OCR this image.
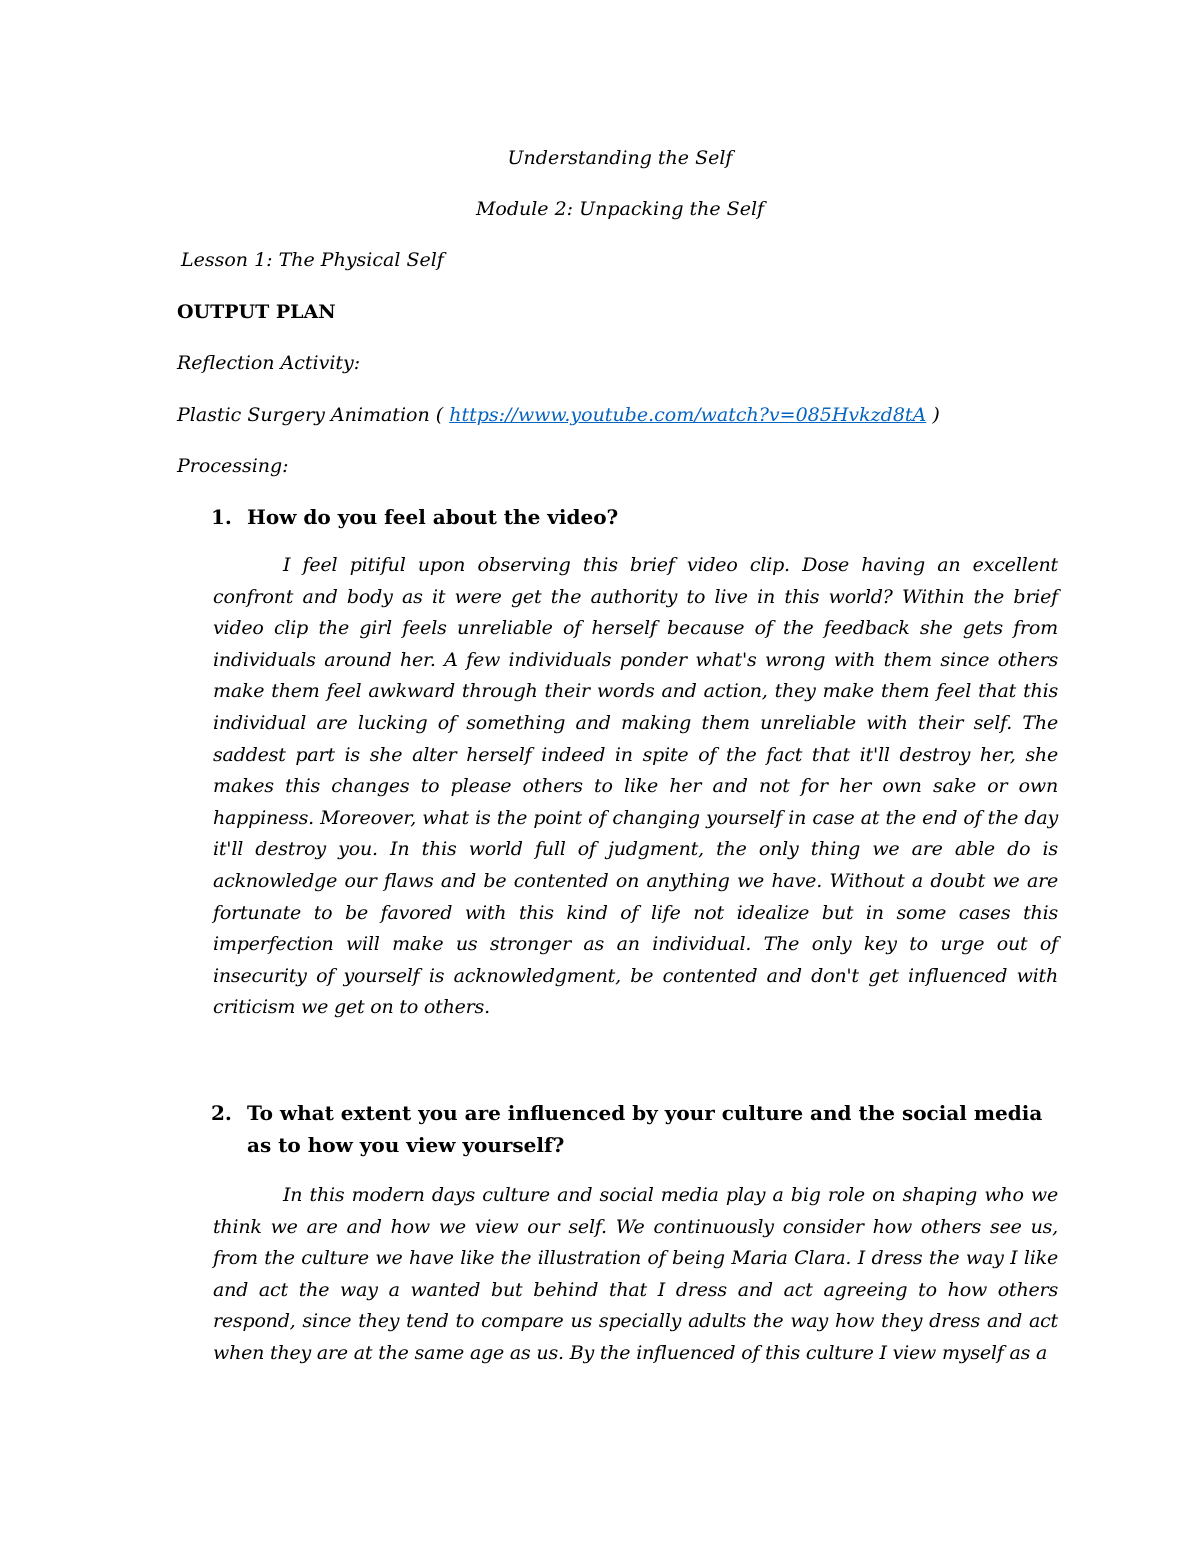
Understanding the Self
Module 2: Unpacking the Self
Lesson 1: The Physical Self
OUTPUT PLAN
Reflection Activity:
Plastic Surgery Animation ( https://www.youtube.com/watch?v=085Hvkzd8tA )
Processing:
1. How do you feel about the video?
I feel pitiful upon observing this brief video clip. Dose having an excellent confront and body as it were get the authority to live in this world? Within the brief video clip the girl feels unreliable of herself because of the feedback she gets from individuals around her. A few individuals ponder what's wrong with them since others make them feel awkward through their words and action, they make them feel that this individual are lucking of something and making them unreliable with their self. The saddest part is she alter herself indeed in spite of the fact that it'll destroy her, she makes this changes to please others to like her and not for her own sake or own happiness. Moreover, what is the point of changing yourself in case at the end of the day it'll destroy you. In this world full of judgment, the only thing we are able do is acknowledge our flaws and be contented on anything we have. Without a doubt we are fortunate to be favored with this kind of life not idealize but in some cases this imperfection will make us stronger as an individual. The only key to urge out of insecurity of yourself is acknowledgment, be contented and don't get influenced with criticism we get on to others.
2. To what extent you are influenced by your culture and the social media as to how you view yourself?
In this modern days culture and social media play a big role on shaping who we think we are and how we view our self. We continuously consider how others see us, from the culture we have like the illustration of being Maria Clara. I dress the way I like and act the way a wanted but behind that I dress and act agreeing to how others respond, since they tend to compare us specially adults the way how they dress and act when they are at the same age as us. By the influenced of this culture I view myself as a
